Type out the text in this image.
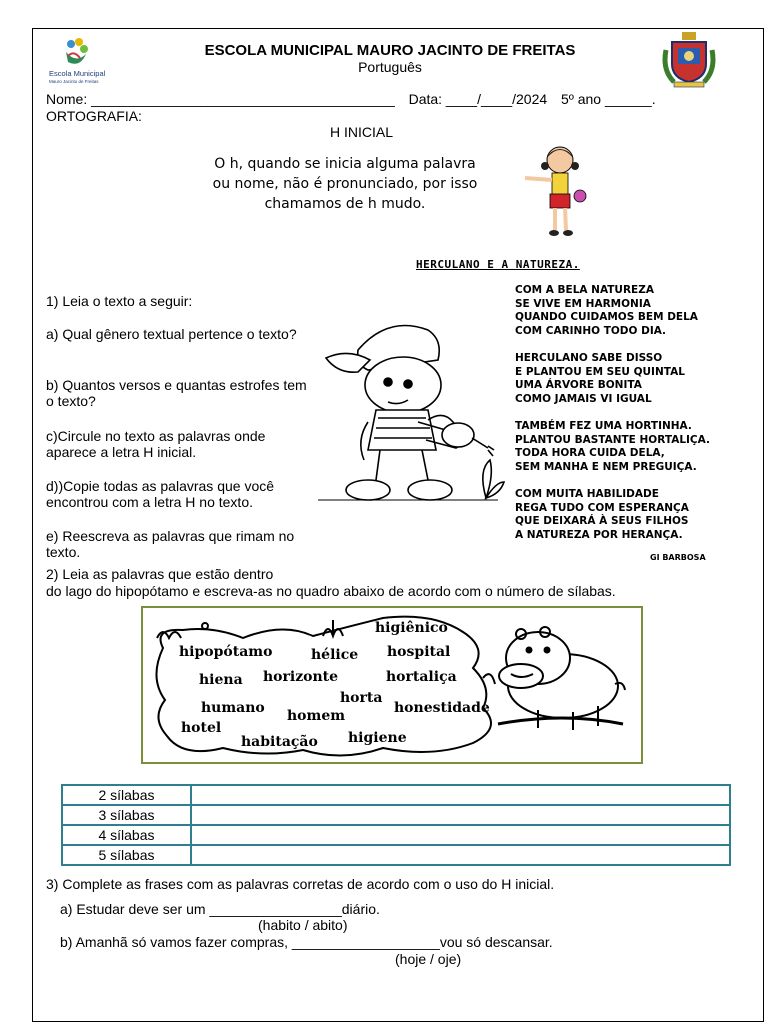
Escola Municipal
Mauro Jacinto de Freitas
ESCOLA MUNICIPAL MAURO JACINTO DE FREITAS
Português
Nome: _______________________________________ Data: ____/____/2024 5º ano ______.
ORTOGRAFIA:
H INICIAL
O h, quando se inicia alguma palavra ou nome, não é pronunciado, por isso chamamos de h mudo.
HERCULANO E A NATUREZA.
COM A BELA NATUREZA
SE VIVE EM HARMONIA
QUANDO CUIDAMOS BEM DELA
COM CARINHO TODO DIA.
HERCULANO SABE DISSO
E PLANTOU EM SEU QUINTAL
UMA ÁRVORE BONITA
COMO JAMAIS VI IGUAL
TAMBÉM FEZ UMA HORTINHA.
PLANTOU BASTANTE HORTALIÇA.
TODA HORA CUIDA DELA,
SEM MANHA E NEM PREGUIÇA.
COM MUITA HABILIDADE
REGA TUDO COM ESPERANÇA
QUE DEIXARÁ À SEUS FILHOS
A NATUREZA POR HERANÇA.
GI BARBOSA
1) Leia o texto a seguir:
a) Qual gênero textual pertence o texto?
b) Quantos versos e quantas estrofes tem o texto?
c)Circule no texto as palavras onde aparece a letra H inicial.
d))Copie todas as palavras que você encontrou com a letra H no texto.
e) Reescreva as palavras que rimam no texto.
2) Leia as palavras que estão dentro
do lago do hipopótamo e escreva-as no quadro abaixo de acordo com o número de sílabas.
higiênico
hipopótamo	hélice hospital
hiena horizonte	hortaliça
horta
humano homem	honestidade
hotel
habitação higiene
2 sílabas	
3 sílabas	
4 sílabas	
5 sílabas	
3) Complete as frases com as palavras corretas de acordo com o uso do H inicial.
a) Estudar deve ser um _________________diário.
(habito / abito)
b) Amanhã só vamos fazer compras, ___________________vou só descansar.
(hoje / oje)
